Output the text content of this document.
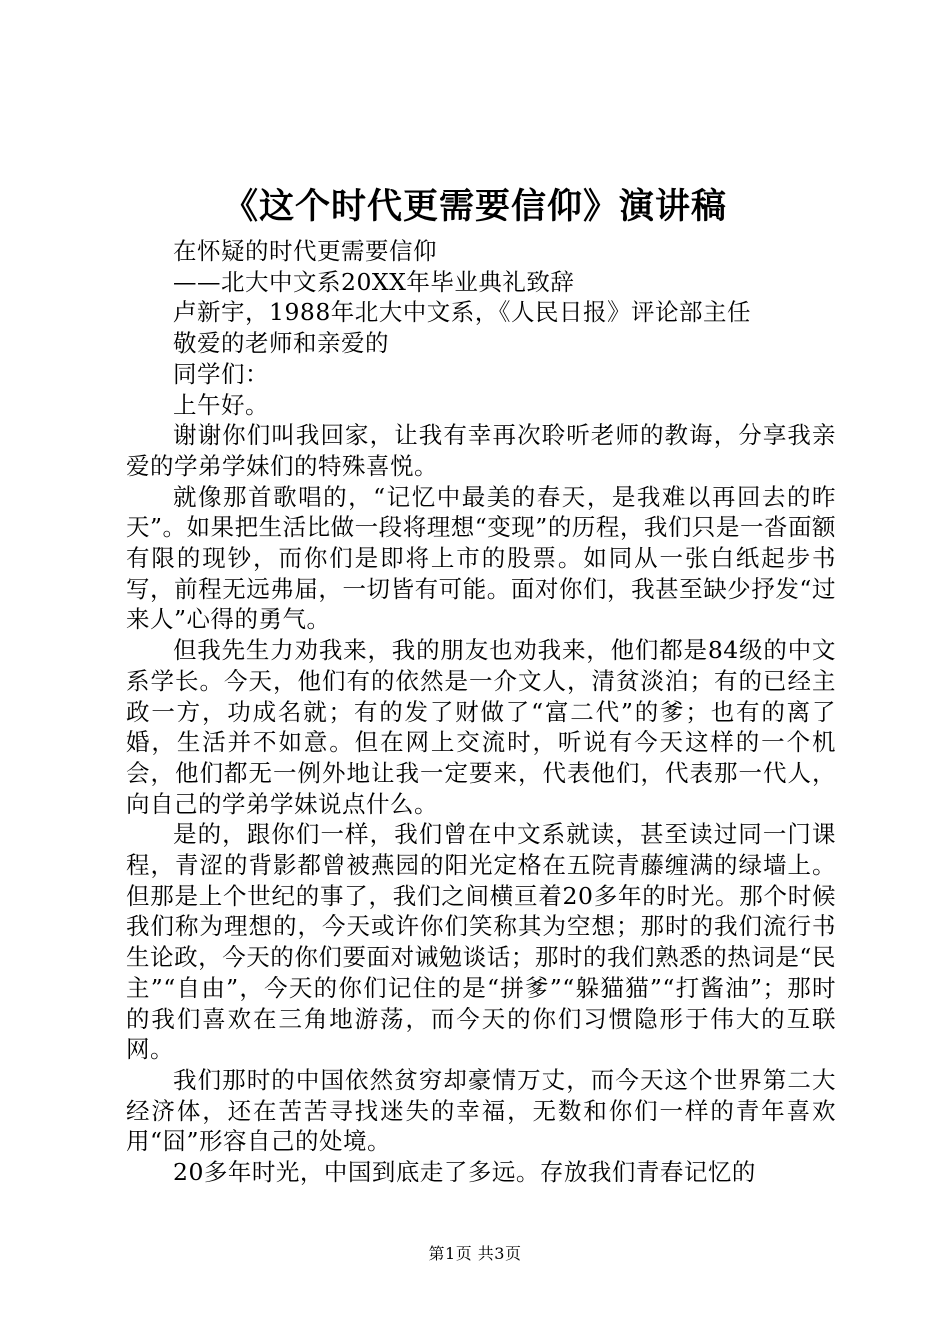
《这个时代更需要信仰》演讲稿

在怀疑的时代更需要信仰

——北大中文系20XX年毕业典礼致辞

卢新宇，1988年北大中文系，《人民日报》评论部主任

敬爱的老师和亲爱的

同学们：

上午好。

谢谢你们叫我回家，让我有幸再次聆听老师的教诲，分享我亲爱的学弟学妹们的特殊喜悦。

就像那首歌唱的，“记忆中最美的春天，是我难以再回去的昨天”。如果把生活比做一段将理想“变现”的历程，我们只是一沓面额有限的现钞，而你们是即将上市的股票。如同从一张白纸起步书写，前程无远弗届，一切皆有可能。面对你们，我甚至缺少抒发“过来人”心得的勇气。

但我先生力劝我来，我的朋友也劝我来，他们都是84级的中文系学长。今天，他们有的依然是一介文人，清贫淡泊；有的已经主政一方，功成名就；有的发了财做了“富二代”的爹；也有的离了婚，生活并不如意。但在网上交流时，听说有今天这样的一个机会，他们都无一例外地让我一定要来，代表他们，代表那一代人，向自己的学弟学妹说点什么。

是的，跟你们一样，我们曾在中文系就读，甚至读过同一门课程，青涩的背影都曾被燕园的阳光定格在五院青藤缠满的绿墙上。但那是上个世纪的事了，我们之间横亘着20多年的时光。那个时候我们称为理想的，今天或许你们笑称其为空想；那时的我们流行书生论政，今天的你们要面对诫勉谈话；那时的我们熟悉的热词是“民主”“自由”，今天的你们记住的是“拼爹”“躲猫猫”“打酱油”；那时的我们喜欢在三角地游荡，而今天的你们习惯隐形于伟大的互联网。

我们那时的中国依然贫穷却豪情万丈，而今天这个世界第二大经济体，还在苦苦寻找迷失的幸福，无数和你们一样的青年喜欢用“囧”形容自己的处境。

20多年时光，中国到底走了多远。存放我们青春记忆的

第1页 共3页
